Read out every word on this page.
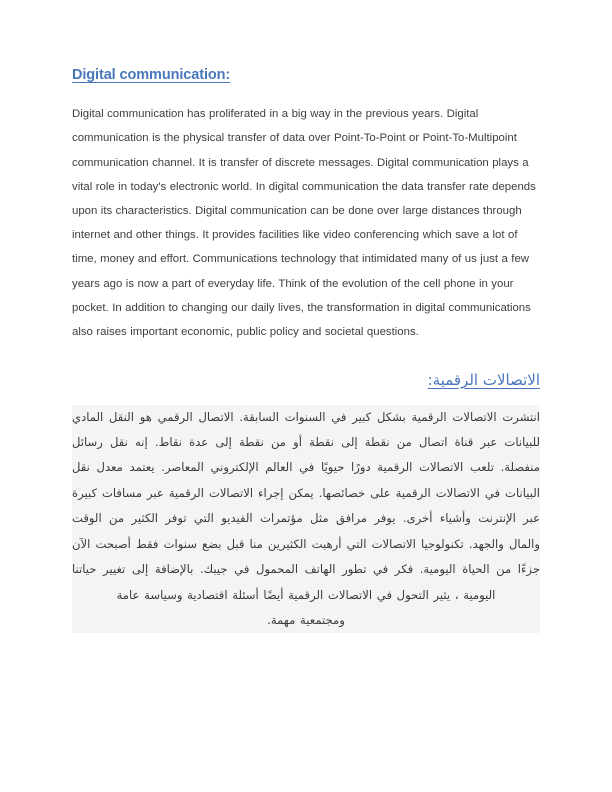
Digital communication:

Digital communication has proliferated in a big way in the previous years. Digital communication is the physical transfer of data over Point-To-Point or Point-To-Multipoint communication channel. It is transfer of discrete messages. Digital communication plays a vital role in today's electronic world. In digital communication the data transfer rate depends upon its characteristics. Digital communication can be done over large distances through internet and other things. It provides facilities like video conferencing which save a lot of time, money and effort. Communications technology that intimidated many of us just a few years ago is now a part of everyday life. Think of the evolution of the cell phone in your pocket. In addition to changing our daily lives, the transformation in digital communications also raises important economic, public policy and societal questions.

الاتصالات الرقمية:
انتشرت الاتصالات الرقمية بشكل كبير في السنوات السابقة. الاتصال الرقمي هو النقل المادي للبيانات عبر قناة اتصال من نقطة إلى نقطة أو من نقطة إلى عدة نقاط. إنه نقل رسائل منفصلة. تلعب الاتصالات الرقمية دورًا حيويًا في العالم الإلكتروني المعاصر. يعتمد معدل نقل البيانات في الاتصالات الرقمية على خصائصها. يمكن إجراء الاتصالات الرقمية عبر مسافات كبيرة عبر الإنترنت وأشياء أخرى. يوفر مرافق مثل مؤتمرات الفيديو التي توفر الكثير من الوقت والمال والجهد. تكنولوجيا الاتصالات التي أرهبت الكثيرين منا قبل بضع سنوات فقط أصبحت الآن جزءًا من الحياة اليومية. فكر في تطور الهاتف المحمول في جيبك. بالإضافة إلى تغيير حياتنا اليومية ، يثير التحول في الاتصالات الرقمية أيضًا أسئلة اقتصادية وسياسة عامة
ومجتمعية مهمة.
